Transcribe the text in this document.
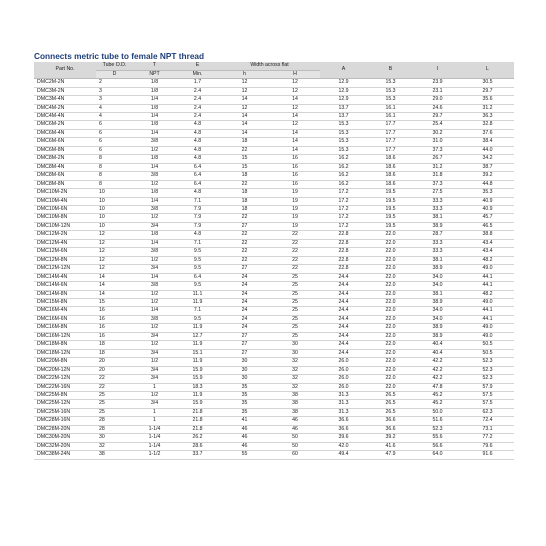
Connects metric tube to female NPT thread
Part No.	Tube O.D.	T	E	Width across flat		A	B	I	L
	D	NPT	Min.	h	H				
DMC2M-2N	2	1/8	1.7	12	12	12.9	15.3	23.9	30.5
DMC3M-2N	3	1/8	2.4	12	12	12.9	15.3	23.1	29.7
DMC3M-4N	3	1/4	2.4	14	14	12.9	15.3	29.0	35.6
DMC4M-2N	4	1/8	2.4	12	12	13.7	16.1	24.6	31.2
DMC4M-4N	4	1/4	2.4	14	14	13.7	16.1	29.7	36.3
DMC6M-2N	6	1/8	4.8	14	12	15.3	17.7	25.4	32.8
DMC6M-4N	6	1/4	4.8	14	14	15.3	17.7	30.2	37.6
DMC6M-6N	6	3/8	4.8	18	14	15.3	17.7	31.0	38.4
DMC6M-8N	6	1/2	4.8	22	14	15.3	17.7	37.3	44.0
DMC8M-2N	8	1/8	4.8	15	16	16.2	18.6	26.7	34.2
DMC8M-4N	8	1/4	6.4	15	16	16.2	18.6	31.2	38.7
DMC8M-6N	8	3/8	6.4	18	16	16.2	18.6	31.8	39.2
DMC8M-8N	8	1/2	6.4	22	16	16.2	18.6	37.3	44.8
DMC10M-2N	10	1/8	4.8	18	19	17.2	19.5	27.5	35.3
DMC10M-4N	10	1/4	7.1	18	19	17.2	19.5	33.3	40.9
DMC10M-6N	10	3/8	7.9	18	19	17.2	19.5	33.3	40.9
DMC10M-8N	10	1/2	7.9	22	19	17.2	19.5	38.1	45.7
DMC10M-12N	10	3/4	7.9	27	19	17.2	19.5	38.9	46.5
DMC12M-2N	12	1/8	4.8	22	22	22.8	22.0	28.7	38.8
DMC12M-4N	12	1/4	7.1	22	22	22.8	22.0	33.3	43.4
DMC12M-6N	12	3/8	9.5	22	22	22.8	22.0	33.3	43.4
DMC12M-8N	12	1/2	9.5	22	22	22.8	22.0	38.1	48.2
DMC12M-12N	12	3/4	9.5	27	22	22.8	22.0	38.9	49.0
DMC14M-4N	14	1/4	6.4	24	25	24.4	22.0	34.0	44.1
DMC14M-6N	14	3/8	9.5	24	25	24.4	22.0	34.0	44.1
DMC14M-8N	14	1/2	11.1	24	25	24.4	22.0	38.1	48.2
DMC15M-8N	15	1/2	11.9	24	25	24.4	22.0	38.9	49.0
DMC16M-4N	16	1/4	7.1	24	25	24.4	22.0	34.0	44.1
DMC16M-6N	16	3/8	9.5	24	25	24.4	22.0	34.0	44.1
DMC16M-8N	16	1/2	11.9	24	25	24.4	22.0	38.9	49.0
DMC16M-12N	16	3/4	12.7	27	25	24.4	22.0	38.9	49.0
DMC18M-8N	18	1/2	11.9	27	30	24.4	22.0	40.4	50.5
DMC18M-12N	18	3/4	15.1	27	30	24.4	22.0	40.4	50.5
DMC20M-8N	20	1/2	11.9	30	32	26.0	22.0	42.2	52.3
DMC20M-12N	20	3/4	15.9	30	32	26.0	22.0	42.2	52.3
DMC22M-12N	22	3/4	15.9	30	32	26.0	22.0	42.2	52.3
DMC22M-16N	22	1	18.3	35	32	26.0	22.0	47.8	57.9
DMC25M-8N	25	1/2	11.9	35	38	31.3	26.5	45.2	57.5
DMC25M-12N	25	3/4	15.9	35	38	31.3	26.5	45.2	57.5
DMC25M-16N	25	1	21.8	35	38	31.3	26.5	50.0	62.3
DMC28M-16N	28	1	21.8	41	46	36.6	36.6	51.6	72.4
DMC28M-20N	28	1-1/4	21.8	46	46	36.6	36.6	52.3	73.1
DMC30M-20N	30	1-1/4	26.2	46	50	39.6	39.2	55.6	77.2
DMC32M-20N	32	1-1/4	28.6	46	50	42.0	41.6	56.6	79.6
DMC38M-24N	38	1-1/2	33.7	55	60	49.4	47.9	64.0	91.6
